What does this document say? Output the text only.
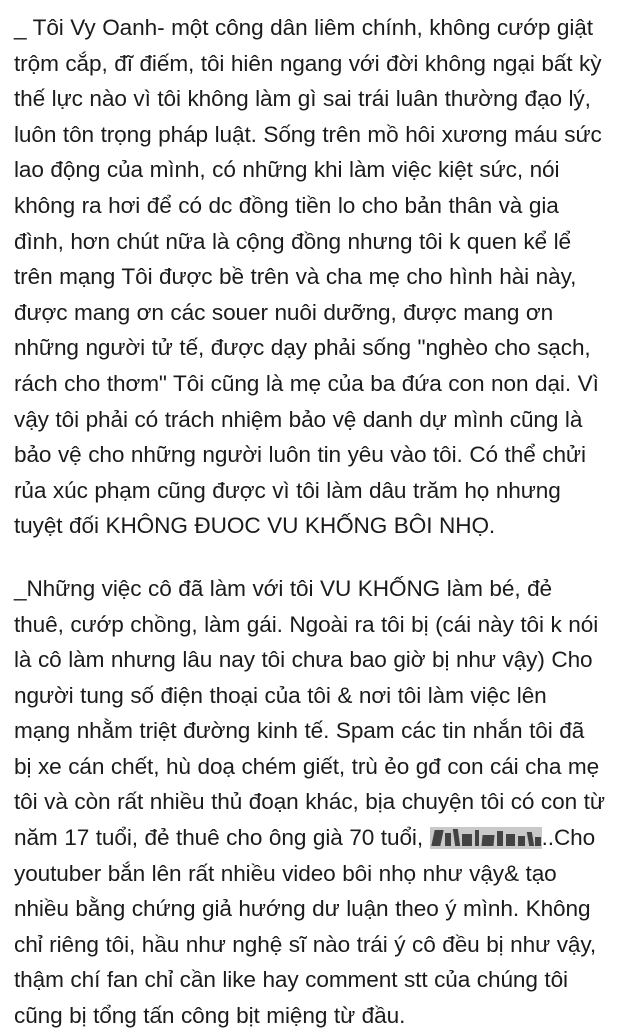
_ Tôi Vy Oanh- một công dân liêm chính, không cướp giật trộm cắp, đĩ điếm, tôi hiên ngang với đời không ngại bất kỳ thế lực nào vì tôi không làm gì sai trái luân thường đạo lý, luôn tôn trọng pháp luật. Sống trên mồ hôi xương máu sức lao động của mình, có những khi làm việc kiệt sức, nói không ra hơi để có dc đồng tiền lo cho bản thân và gia đình, hơn chút nữa là cộng đồng nhưng tôi k quen kể lể trên mạng Tôi được bề trên và cha mẹ cho hình hài này, được mang ơn các souer nuôi dưỡng, được mang ơn những người tử tế, được dạy phải sống "nghèo cho sạch, rách cho thơm" Tôi cũng là mẹ của ba đứa con non dại. Vì vậy tôi phải có trách nhiệm bảo vệ danh dự mình cũng là bảo vệ cho những người luôn tin yêu vào tôi. Có thể chửi rủa xúc phạm cũng được vì tôi làm dâu trăm họ nhưng tuyệt đối KHÔNG ĐUOC VU KHỐNG BÔI NHỌ.

_Những việc cô đã làm với tôi VU KHỐNG làm bé, đẻ thuê, cướp chồng, làm gái. Ngoài ra tôi bị (cái này tôi k nói là cô làm nhưng lâu nay tôi chưa bao giờ bị như vậy) Cho người tung số điện thoại của tôi & nơi tôi làm việc lên mạng nhằm triệt đường kinh tế. Spam các tin nhắn tôi đã bị xe cán chết, hù doạ chém giết, trù ẻo gđ con cái cha mẹ tôi và còn rất nhiều thủ đoạn khác, bịa chuyện tôi có con từ năm 17 tuổi, đẻ thuê cho ông già 70 tuổi,	..Cho youtuber bắn lên rất nhiều video bôi nhọ như vậy& tạo nhiều bằng chứng giả hướng dư luận theo ý mình. Không chỉ riêng tôi, hầu như nghệ sĩ nào trái ý cô đều bị như vậy, thậm chí fan chỉ cần like hay comment stt của chúng tôi cũng bị tổng tấn công bịt miệng từ đầu.
